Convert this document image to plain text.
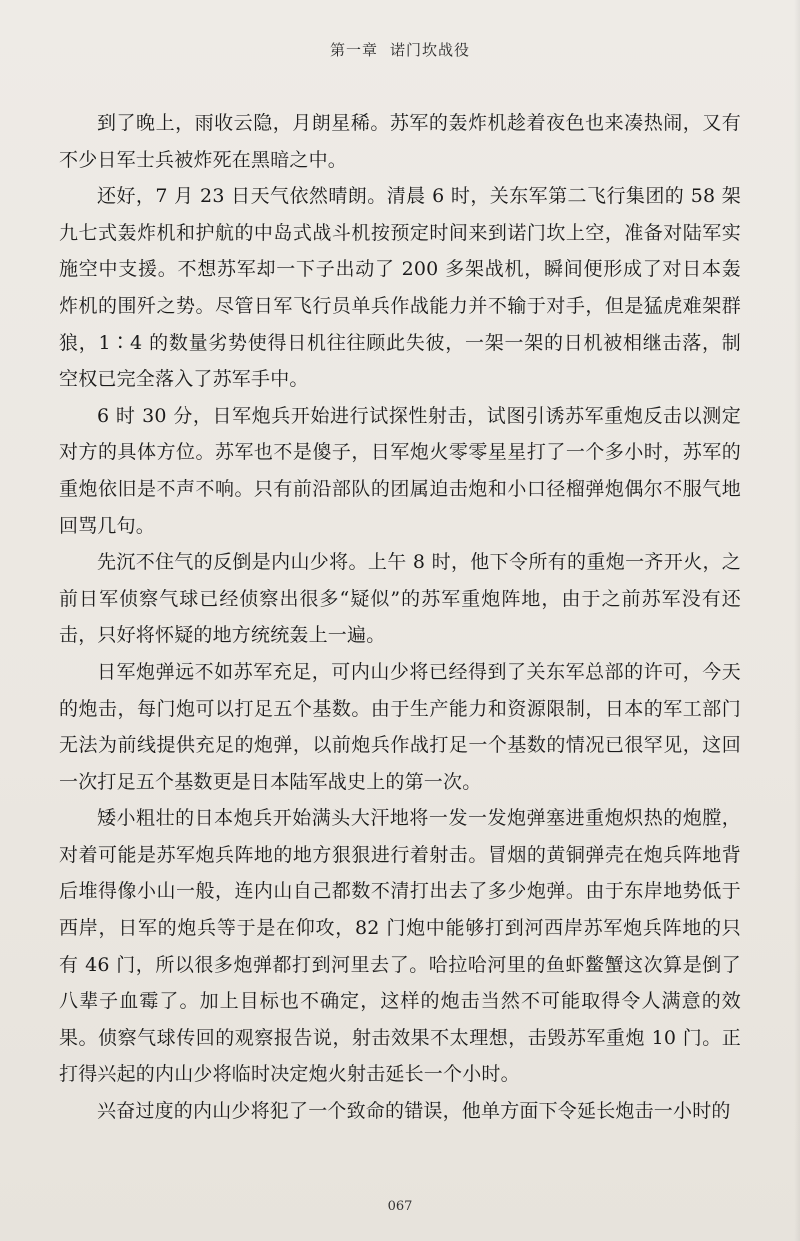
第一章 诺门坎战役

到了晚上，雨收云隐，月朗星稀。苏军的轰炸机趁着夜色也来凑热闹，又有不少日军士兵被炸死在黑暗之中。

还好，7 月 23 日天气依然晴朗。清晨 6 时，关东军第二飞行集团的 58 架九七式轰炸机和护航的中岛式战斗机按预定时间来到诺门坎上空，准备对陆军实施空中支援。不想苏军却一下子出动了 200 多架战机，瞬间便形成了对日本轰炸机的围歼之势。尽管日军飞行员单兵作战能力并不输于对手，但是猛虎难架群狼，1∶4 的数量劣势使得日机往往顾此失彼，一架一架的日机被相继击落，制空权已完全落入了苏军手中。

6 时 30 分，日军炮兵开始进行试探性射击，试图引诱苏军重炮反击以测定对方的具体方位。苏军也不是傻子，日军炮火零零星星打了一个多小时，苏军的重炮依旧是不声不响。只有前沿部队的团属迫击炮和小口径榴弹炮偶尔不服气地回骂几句。

先沉不住气的反倒是内山少将。上午 8 时，他下令所有的重炮一齐开火，之前日军侦察气球已经侦察出很多“疑似”的苏军重炮阵地，由于之前苏军没有还击，只好将怀疑的地方统统轰上一遍。

日军炮弹远不如苏军充足，可内山少将已经得到了关东军总部的许可，今天的炮击，每门炮可以打足五个基数。由于生产能力和资源限制，日本的军工部门无法为前线提供充足的炮弹，以前炮兵作战打足一个基数的情况已很罕见，这回一次打足五个基数更是日本陆军战史上的第一次。

矮小粗壮的日本炮兵开始满头大汗地将一发一发炮弹塞进重炮炽热的炮膛，对着可能是苏军炮兵阵地的地方狠狠进行着射击。冒烟的黄铜弹壳在炮兵阵地背后堆得像小山一般，连内山自己都数不清打出去了多少炮弹。由于东岸地势低于西岸，日军的炮兵等于是在仰攻，82 门炮中能够打到河西岸苏军炮兵阵地的只有 46 门，所以很多炮弹都打到河里去了。哈拉哈河里的鱼虾鳖蟹这次算是倒了八辈子血霉了。加上目标也不确定，这样的炮击当然不可能取得令人满意的效果。侦察气球传回的观察报告说，射击效果不太理想，击毁苏军重炮 10 门。正打得兴起的内山少将临时决定炮火射击延长一个小时。

兴奋过度的内山少将犯了一个致命的错误，他单方面下令延长炮击一小时的

067
